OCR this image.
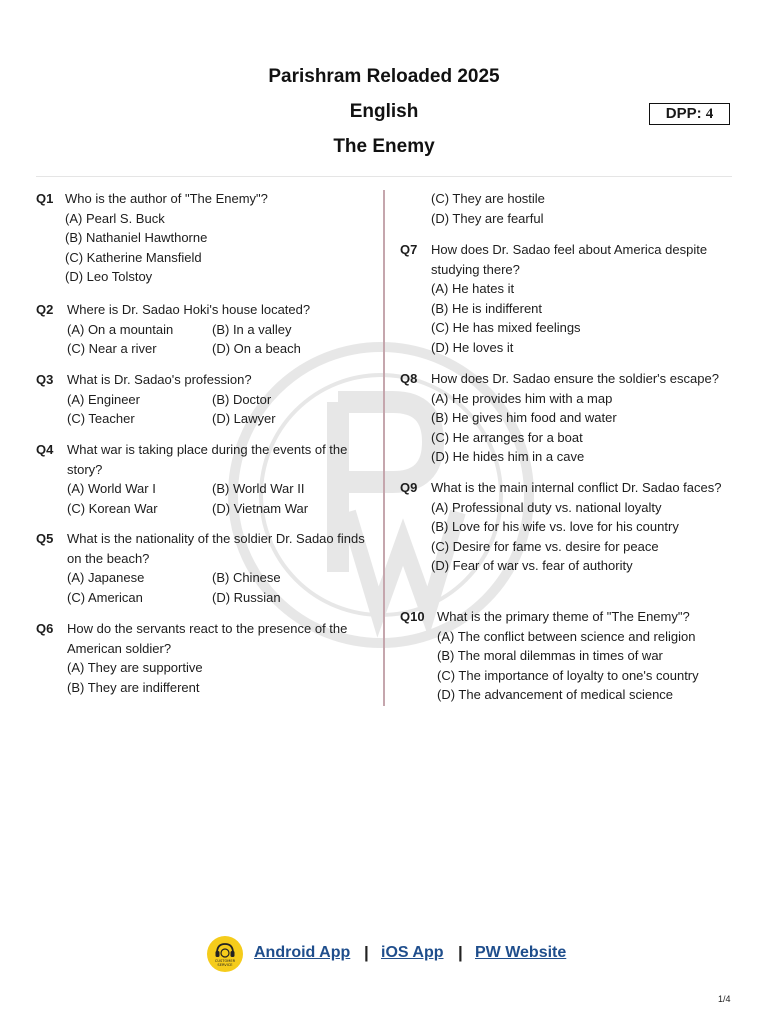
Parishram Reloaded 2025
English
The Enemy
DPP: 4
Q1 Who is the author of "The Enemy"?
(A) Pearl S. Buck
(B) Nathaniel Hawthorne
(C) Katherine Mansfield
(D) Leo Tolstoy
Q2 Where is Dr. Sadao Hoki's house located?
(A) On a mountain	(B) In a valley
(C) Near a river	(D) On a beach
Q3 What is Dr. Sadao's profession?
(A) Engineer	(B) Doctor
(C) Teacher	(D) Lawyer
Q4 What war is taking place during the events of the story?
(A) World War I	(B) World War II
(C) Korean War	(D) Vietnam War
Q5 What is the nationality of the soldier Dr. Sadao finds on the beach?
(A) Japanese	(B) Chinese
(C) American	(D) Russian
Q6 How do the servants react to the presence of the American soldier?
(A) They are supportive
(B) They are indifferent
(C) They are hostile
(D) They are fearful
Q7 How does Dr. Sadao feel about America despite studying there?
(A) He hates it
(B) He is indifferent
(C) He has mixed feelings
(D) He loves it
Q8 How does Dr. Sadao ensure the soldier's escape?
(A) He provides him with a map
(B) He gives him food and water
(C) He arranges for a boat
(D) He hides him in a cave
Q9 What is the main internal conflict Dr. Sadao faces?
(A) Professional duty vs. national loyalty
(B) Love for his wife vs. love for his country
(C) Desire for fame vs. desire for peace
(D) Fear of war vs. fear of authority
Q10 What is the primary theme of "The Enemy"?
(A) The conflict between science and religion
(B) The moral dilemmas in times of war
(C) The importance of loyalty to one's country
(D) The advancement of medical science
CUSTOMER
SERVICE
Android App | iOS App | PW Website
1/4
